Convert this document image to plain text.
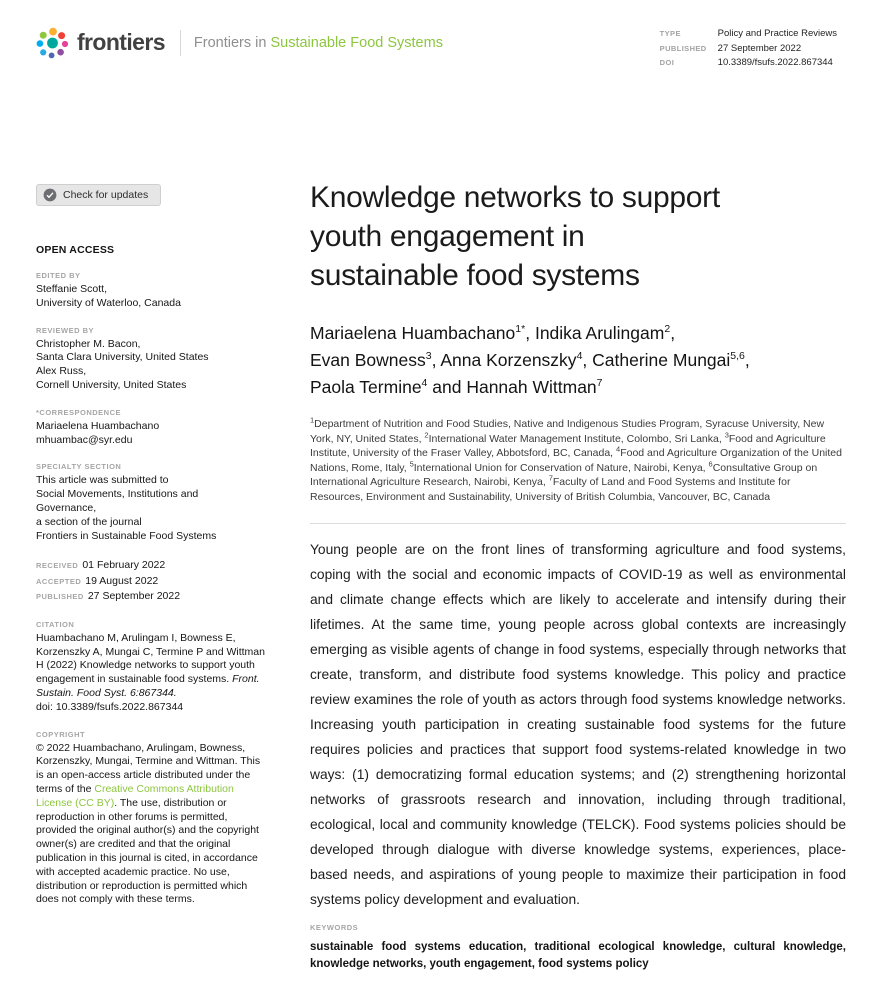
frontiers Frontiers in Sustainable Food Systems
TYPE	Policy and Practice Reviews
PUBLISHED	27 September 2022
DOI	10.3389/fsufs.2022.867344
Check for updates
OPEN ACCESS
EDITED BY
Steffanie Scott,
University of Waterloo, Canada
REVIEWED BY
Christopher M. Bacon,
Santa Clara University, United States
Alex Russ,
Cornell University, United States
*CORRESPONDENCE
Mariaelena Huambachano
mhuambac@syr.edu
SPECIALTY SECTION
This article was submitted to
Social Movements, Institutions and
Governance,
a section of the journal
Frontiers in Sustainable Food Systems
RECEIVED 01 February 2022
ACCEPTED 19 August 2022
PUBLISHED 27 September 2022
CITATION
Huambachano M, Arulingam I, Bowness E, Korzenszky A, Mungai C, Termine P and Wittman H (2022) Knowledge networks to support youth engagement in sustainable food systems. Front. Sustain. Food Syst. 6:867344.
doi: 10.3389/fsufs.2022.867344
COPYRIGHT
© 2022 Huambachano, Arulingam, Bowness, Korzenszky, Mungai, Termine and Wittman. This is an open-access article distributed under the terms of the Creative Commons Attribution License (CC BY). The use, distribution or reproduction in other forums is permitted, provided the original author(s) and the copyright owner(s) are credited and that the original publication in this journal is cited, in accordance with accepted academic practice. No use, distribution or reproduction is permitted which does not comply with these terms.
Knowledge networks to support
youth engagement in
sustainable food systems
Mariaelena Huambachano$^{1*}$, Indika Arulingam$^2$,
Evan Bowness$^3$, Anna Korzenszky$^4$, Catherine Mungai$^{5,6}$,
Paola Termine$^4$ and Hannah Wittman$^7$

$^1$Department of Nutrition and Food Studies, Native and Indigenous Studies Program, Syracuse University, New York, NY, United States, $^2$International Water Management Institute, Colombo, Sri Lanka, $^3$Food and Agriculture Institute, University of the Fraser Valley, Abbotsford, BC, Canada, $^4$Food and Agriculture Organization of the United Nations, Rome, Italy, $^5$International Union for Conservation of Nature, Nairobi, Kenya, $^6$Consultative Group on International Agriculture Research, Nairobi, Kenya, $^7$Faculty of Land and Food Systems and Institute for Resources, Environment and Sustainability, University of British Columbia, Vancouver, BC, Canada

Young people are on the front lines of transforming agriculture and food systems, coping with the social and economic impacts of COVID-19 as well as environmental and climate change effects which are likely to accelerate and intensify during their lifetimes. At the same time, young people across global contexts are increasingly emerging as visible agents of change in food systems, especially through networks that create, transform, and distribute food systems knowledge. This policy and practice review examines the role of youth as actors through food systems knowledge networks. Increasing youth participation in creating sustainable food systems for the future requires policies and practices that support food systems-related knowledge in two ways: (1) democratizing formal education systems; and (2) strengthening horizontal networks of grassroots research and innovation, including through traditional, ecological, local and community knowledge (TELCK). Food systems policies should be developed through dialogue with diverse knowledge systems, experiences, place-based needs, and aspirations of young people to maximize their participation in food systems policy development and evaluation.

KEYWORDS

sustainable food systems education, traditional ecological knowledge, cultural knowledge, knowledge networks, youth engagement, food systems policy
